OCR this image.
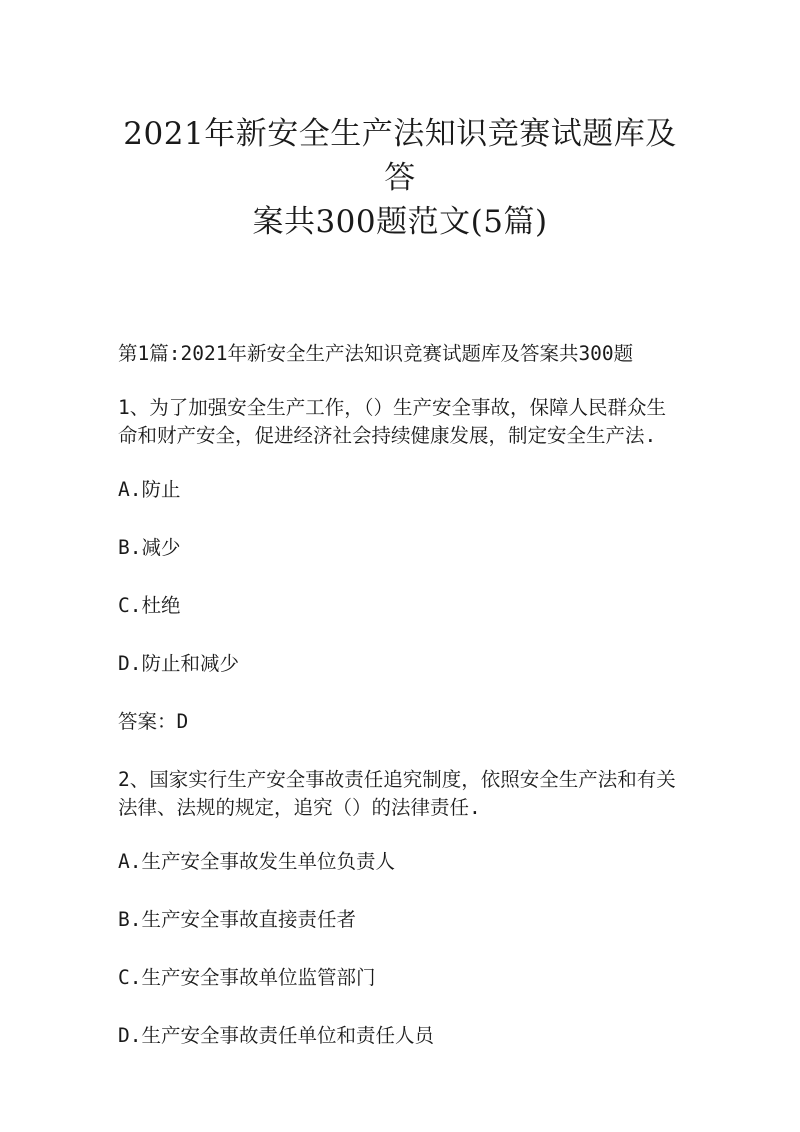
2021年新安全生产法知识竞赛试题库及答
案共300题范文(5篇)

第1篇:2021年新安全生产法知识竞赛试题库及答案共300题

1、为了加强安全生产工作，（）生产安全事故，保障人民群众生命和财产安全，促进经济社会持续健康发展，制定安全生产法.

A.防止

B.减少

C.杜绝

D.防止和减少

答案：D

2、国家实行生产安全事故责任追究制度，依照安全生产法和有关法律、法规的规定，追究（）的法律责任.

A.生产安全事故发生单位负责人

B.生产安全事故直接责任者

C.生产安全事故单位监管部门

D.生产安全事故责任单位和责任人员
